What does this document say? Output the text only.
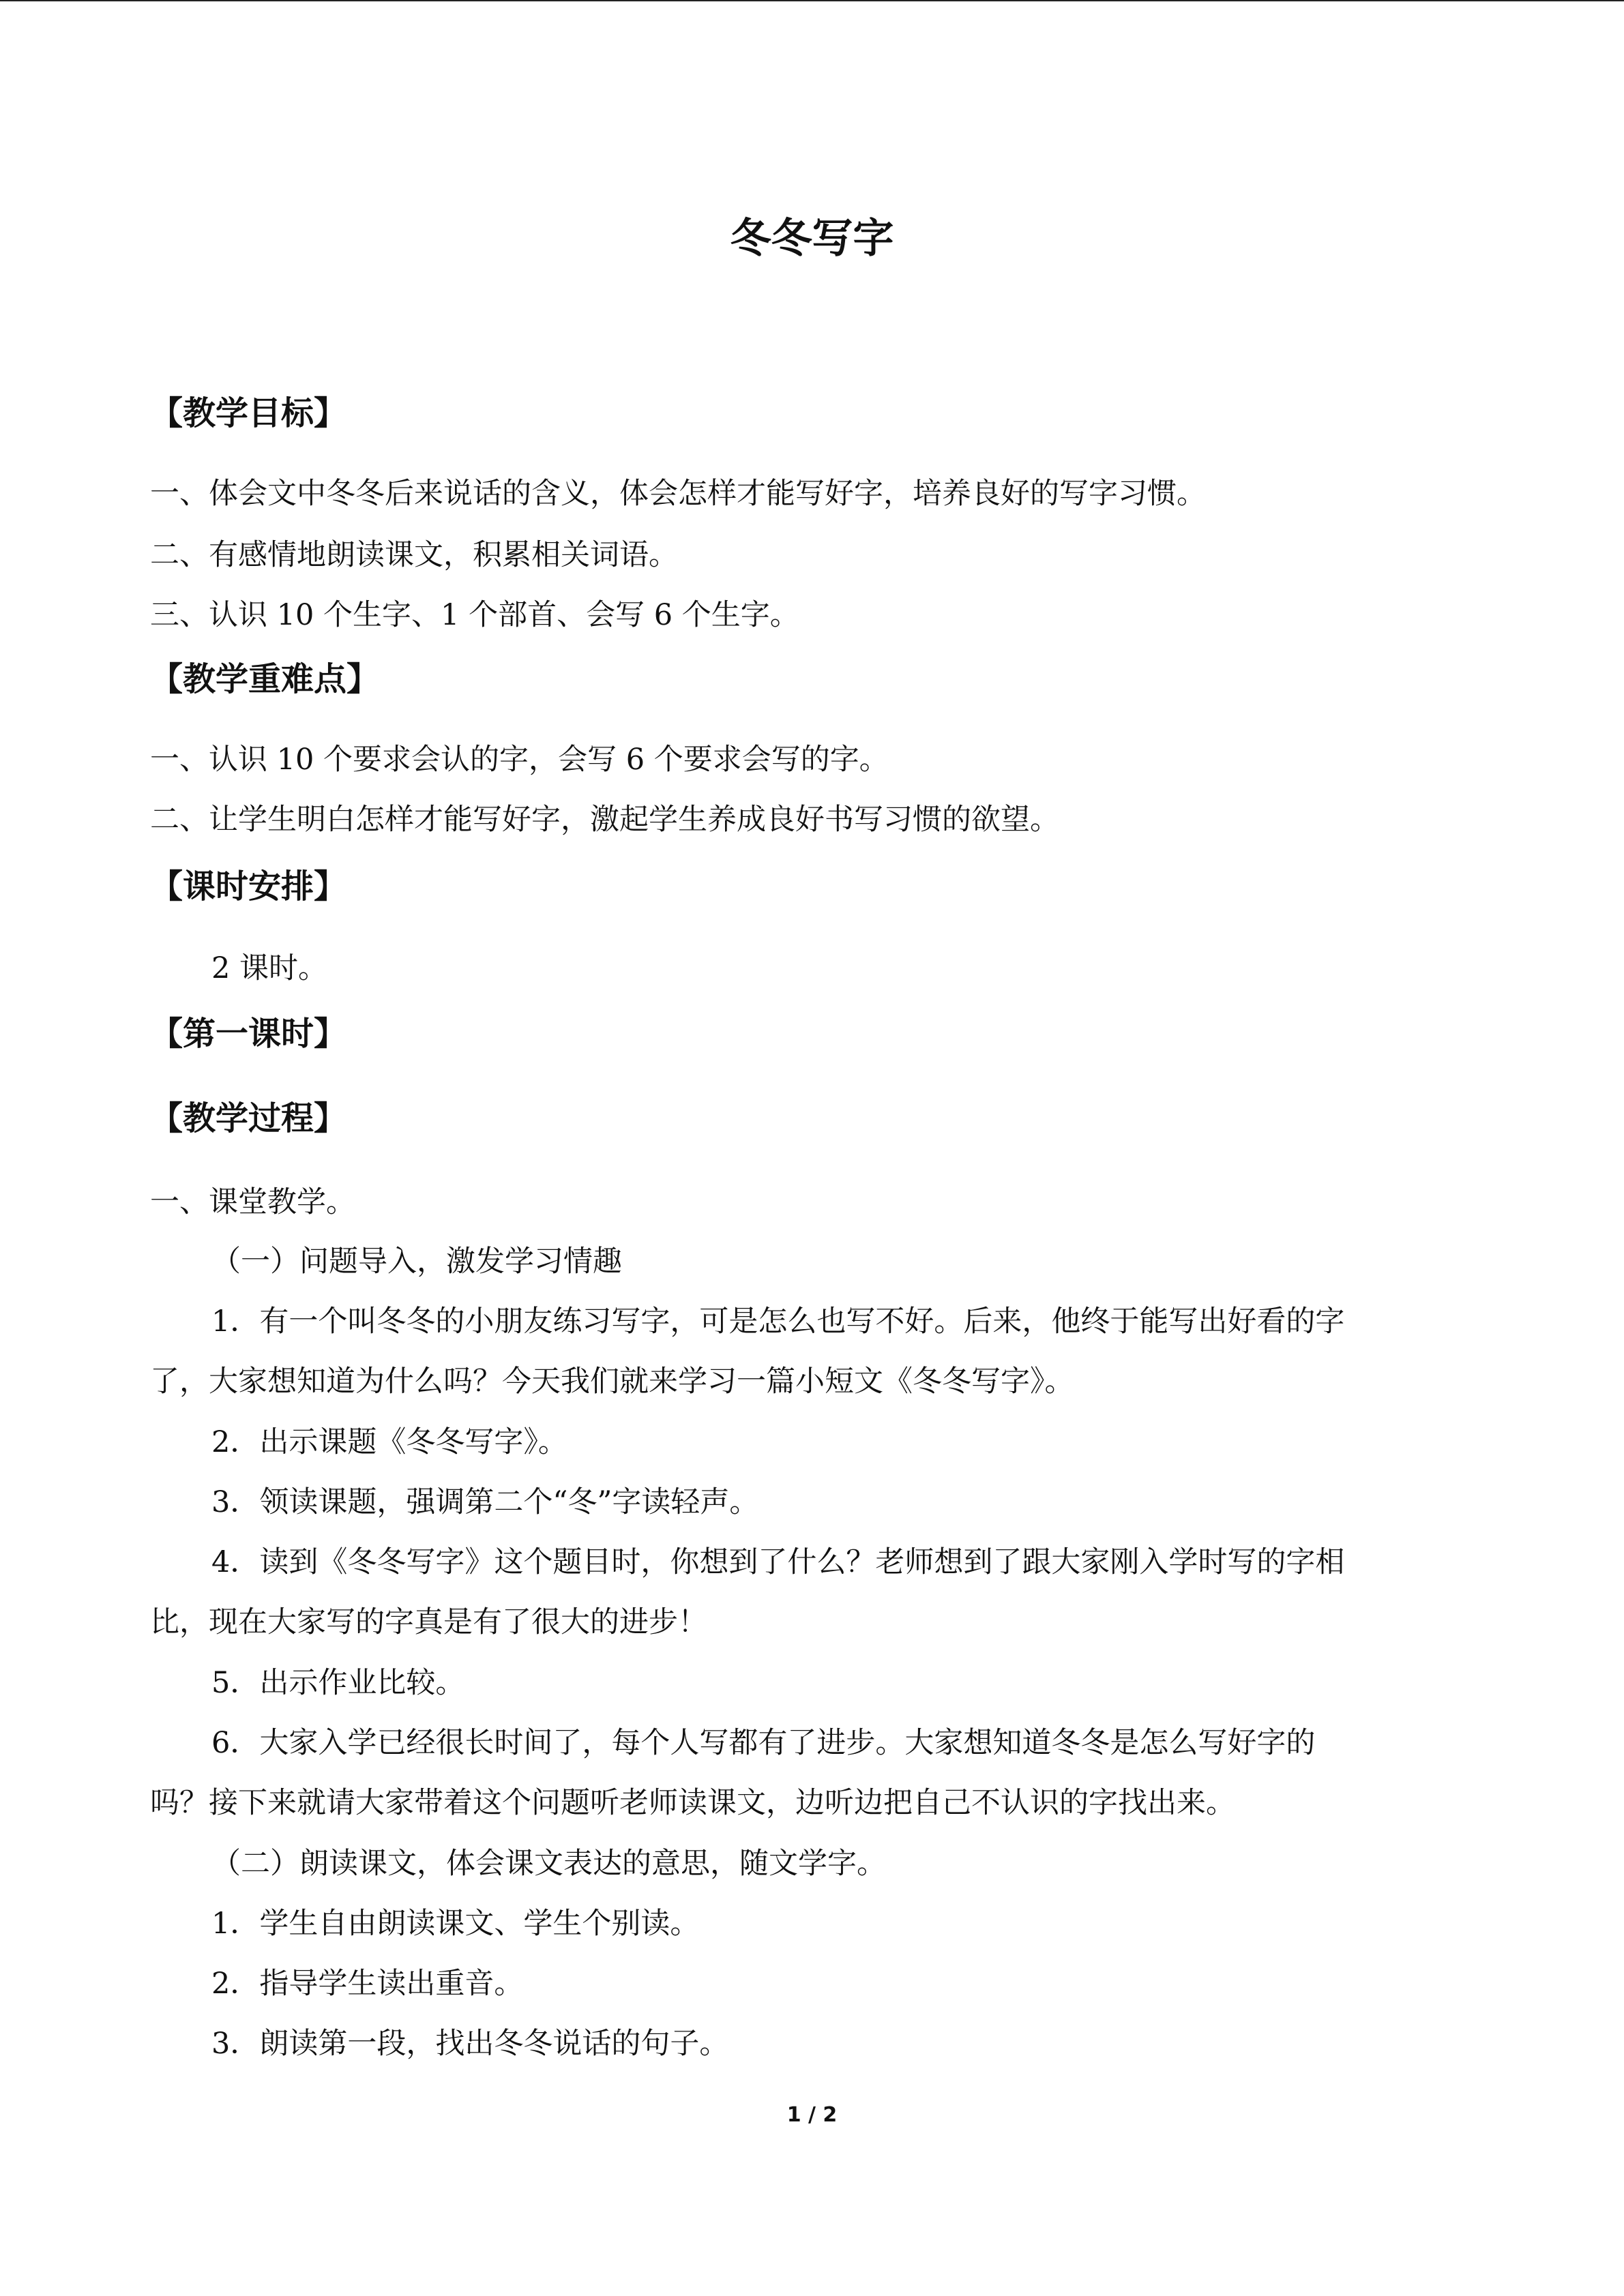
冬冬写字
【教学目标】
一、体会文中冬冬后来说话的含义，体会怎样才能写好字，培养良好的写字习惯。
二、有感情地朗读课文，积累相关词语。
三、认识 10 个生字、1 个部首、会写 6 个生字。
【教学重难点】
一、认识 10 个要求会认的字，会写 6 个要求会写的字。
二、让学生明白怎样才能写好字，激起学生养成良好书写习惯的欲望。
【课时安排】
2 课时。
【第一课时】
【教学过程】
一、课堂教学。
（一）问题导入，激发学习情趣
1．有一个叫冬冬的小朋友练习写字，可是怎么也写不好。后来，他终于能写出好看的字
了，大家想知道为什么吗？今天我们就来学习一篇小短文《冬冬写字》。
2．出示课题《冬冬写字》。
3．领读课题，强调第二个“冬”字读轻声。
4．读到《冬冬写字》这个题目时，你想到了什么？老师想到了跟大家刚入学时写的字相
比，现在大家写的字真是有了很大的进步！
5．出示作业比较。
6．大家入学已经很长时间了，每个人写都有了进步。大家想知道冬冬是怎么写好字的
吗？接下来就请大家带着这个问题听老师读课文，边听边把自己不认识的字找出来。
（二）朗读课文，体会课文表达的意思，随文学字。
1．学生自由朗读课文、学生个别读。
2．指导学生读出重音。
3．朗读第一段，找出冬冬说话的句子。
1 / 2
